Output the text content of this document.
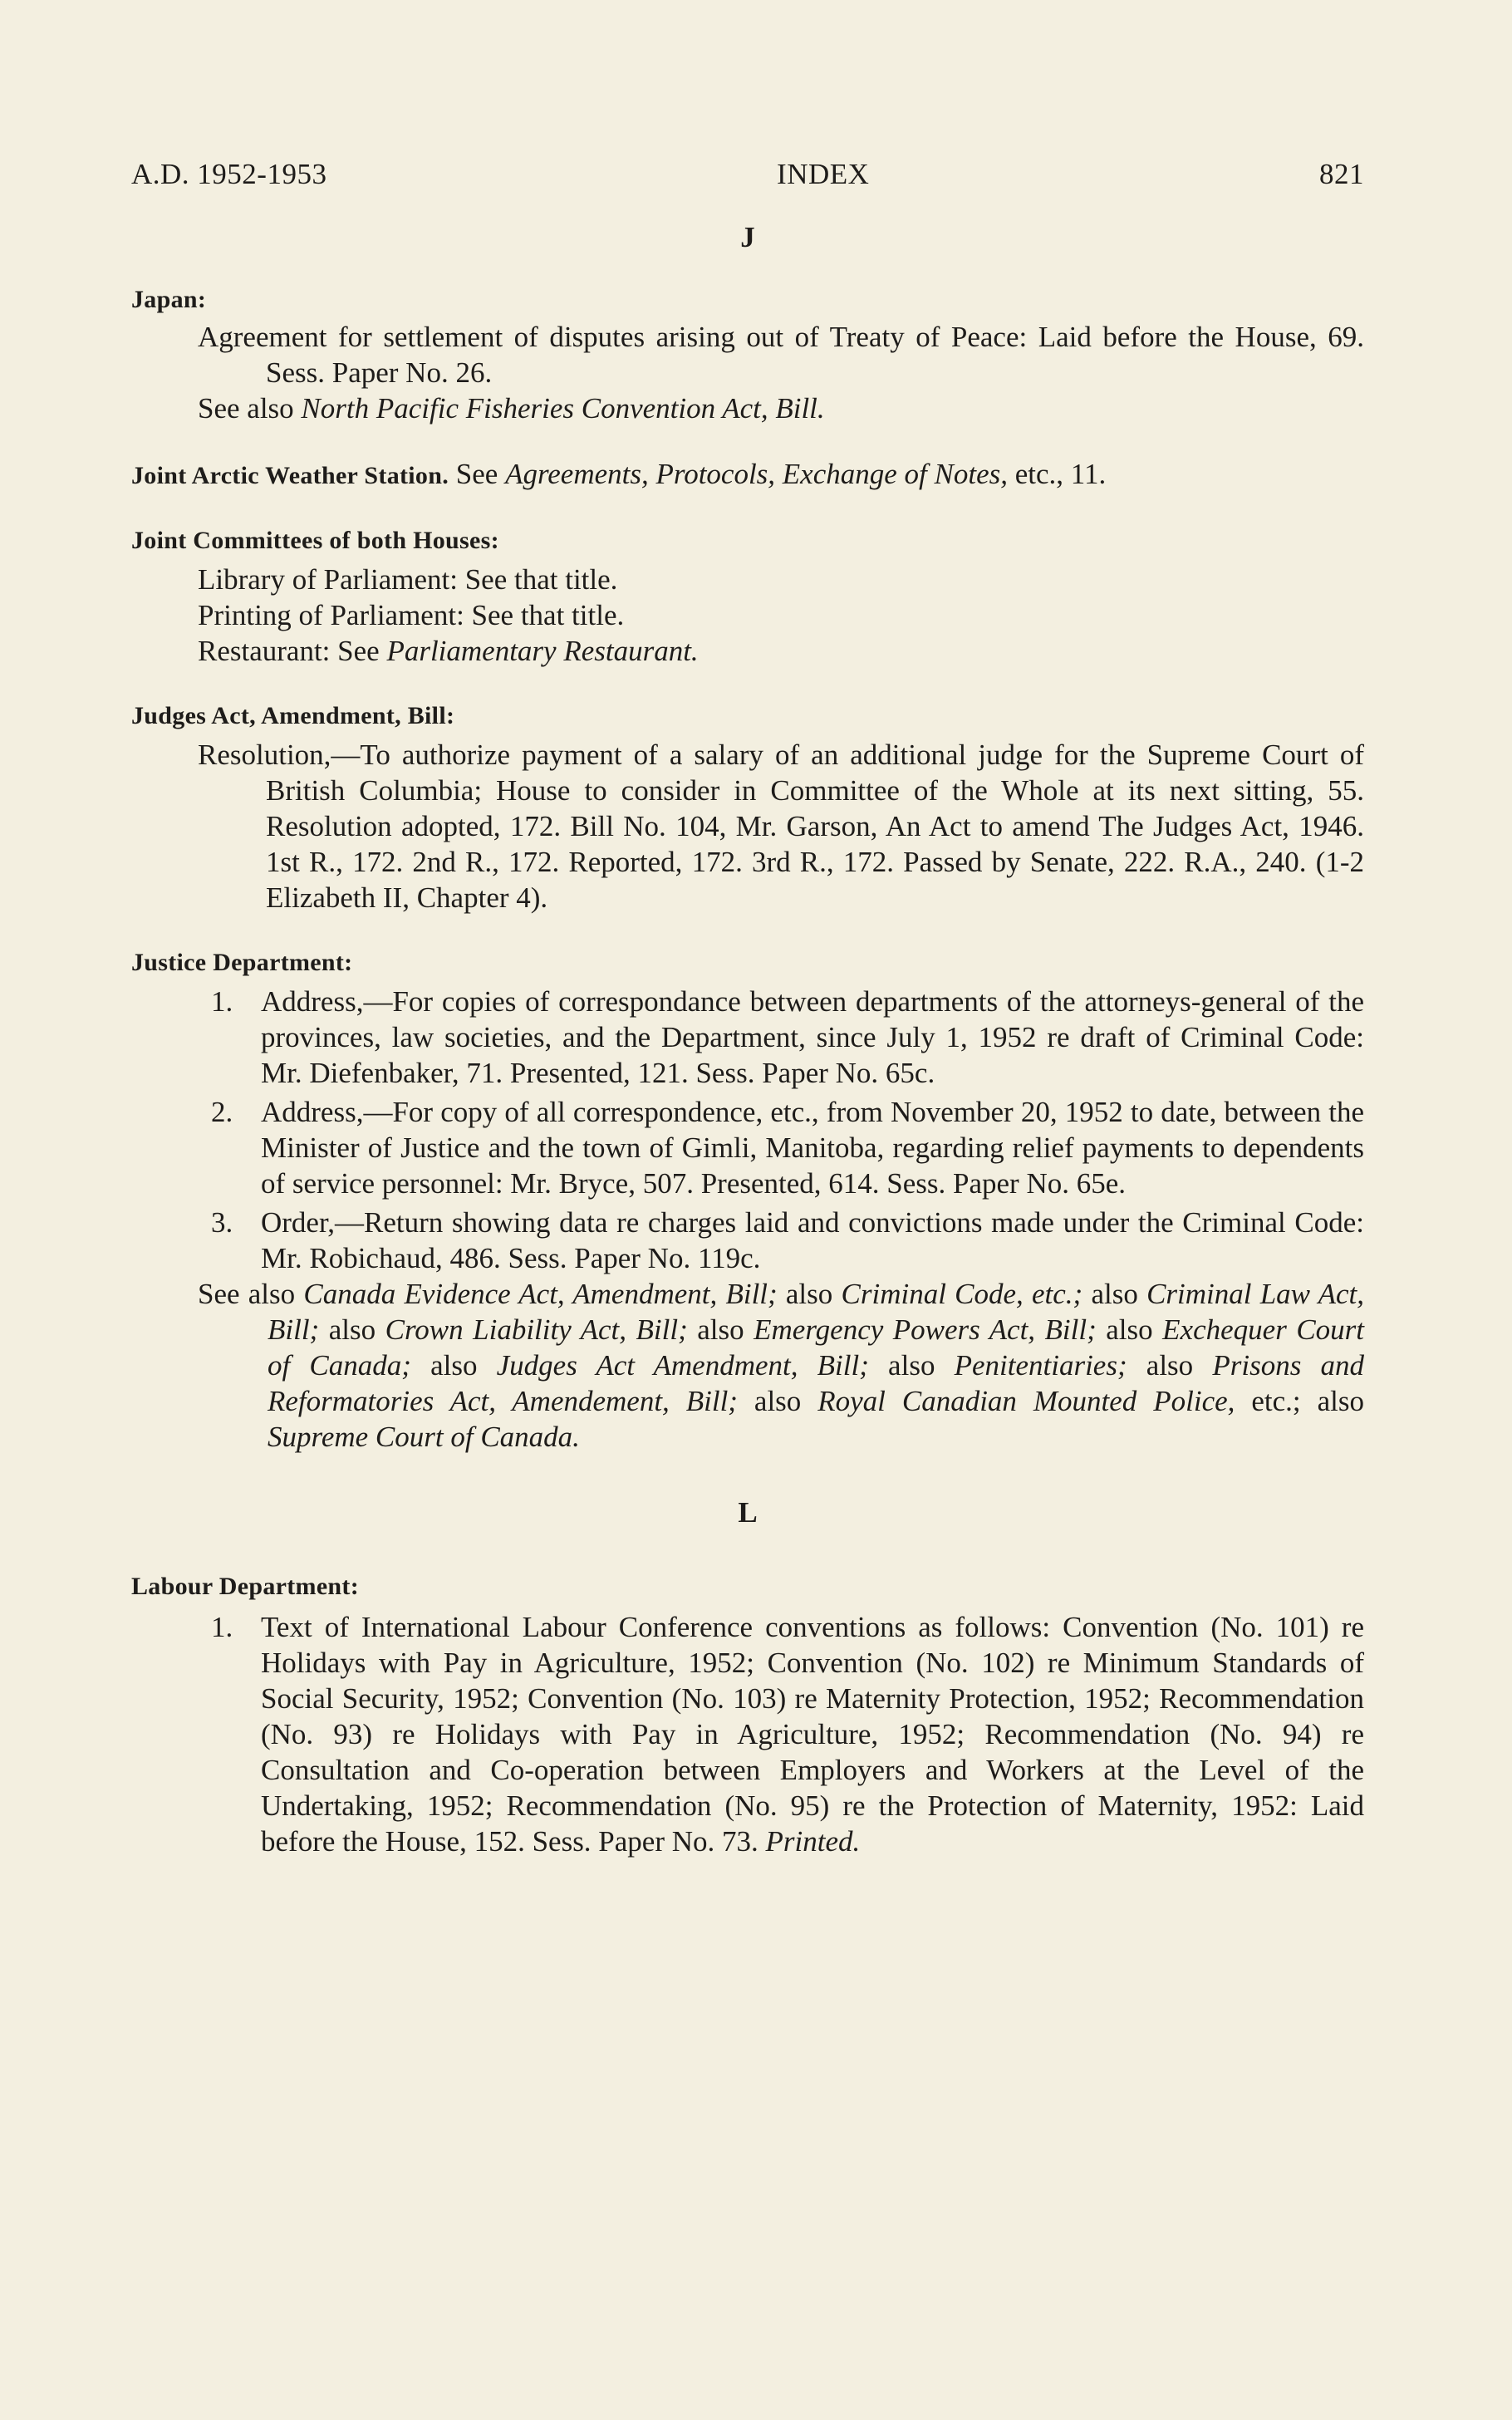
A.D. 1952-1953	INDEX	821
J
Japan:

Agreement for settlement of disputes arising out of Treaty of Peace: Laid before the House, 69. Sess. Paper No. 26.

See also North Pacific Fisheries Convention Act, Bill.

Joint Arctic Weather Station. See Agreements, Protocols, Exchange of Notes, etc., 11.
Joint Committees of both Houses:
Library of Parliament: See that title.
Printing of Parliament: See that title.
Restaurant: See Parliamentary Restaurant.
Judges Act, Amendment, Bill:

Resolution,—To authorize payment of a salary of an additional judge for the Supreme Court of British Columbia; House to consider in Committee of the Whole at its next sitting, 55. Resolution adopted, 172. Bill No. 104, Mr. Garson, An Act to amend The Judges Act, 1946. 1st R., 172. 2nd R., 172. Reported, 172. 3rd R., 172. Passed by Senate, 222. R.A., 240. (1-2 Elizabeth II, Chapter 4).

Justice Department:
1. Address,—For copies of correspondance between departments of the attorneys-general of the provinces, law societies, and the Department, since July 1, 1952 re draft of Criminal Code: Mr. Diefenbaker, 71. Presented, 121. Sess. Paper No. 65c.
2. Address,—For copy of all correspondence, etc., from November 20, 1952 to date, between the Minister of Justice and the town of Gimli, Manitoba, regarding relief payments to dependents of service personnel: Mr. Bryce, 507. Presented, 614. Sess. Paper No. 65e.
3. Order,—Return showing data re charges laid and convictions made under the Criminal Code: Mr. Robichaud, 486. Sess. Paper No. 119c.

See also Canada Evidence Act, Amendment, Bill; also Criminal Code, etc.; also Criminal Law Act, Bill; also Crown Liability Act, Bill; also Emergency Powers Act, Bill; also Exchequer Court of Canada; also Judges Act Amendment, Bill; also Penitentiaries; also Prisons and Reformatories Act, Amendement, Bill; also Royal Canadian Mounted Police, etc.; also Supreme Court of Canada.

L
Labour Department:
1. Text of International Labour Conference conventions as follows: Convention (No. 101) re Holidays with Pay in Agriculture, 1952; Convention (No. 102) re Minimum Standards of Social Security, 1952; Convention (No. 103) re Maternity Protection, 1952; Recommendation (No. 93) re Holidays with Pay in Agriculture, 1952; Recommendation (No. 94) re Consultation and Co-operation between Employers and Workers at the Level of the Undertaking, 1952; Recommendation (No. 95) re the Protection of Maternity, 1952: Laid before the House, 152. Sess. Paper No. 73. Printed.
